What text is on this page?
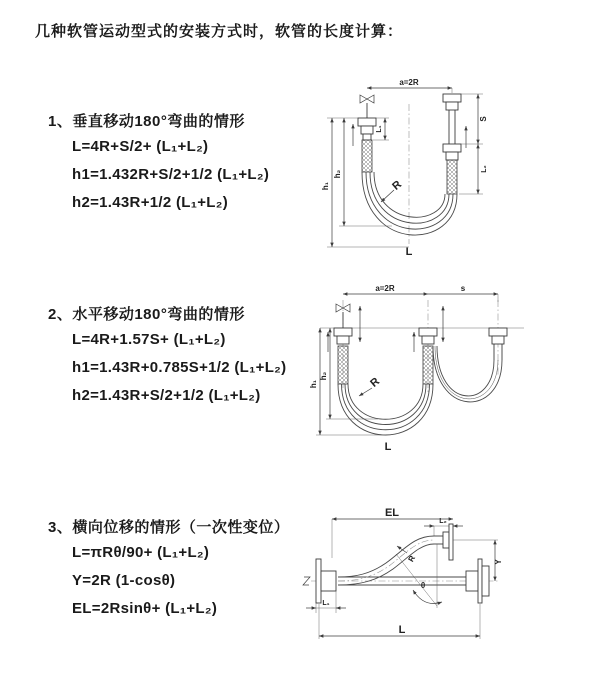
几种软管运动型式的安装方式时，软管的长度计算：
1、垂直移动180°弯曲的情形
L=4R+S/2+ (L₁+L₂)
h1=1.432R+S/2+1/2 (L₁+L₂)
h2=1.43R+1/2 (L₁+L₂)
2、水平移动180°弯曲的情形
L=4R+1.57S+ (L₁+L₂)
h1=1.43R+0.785S+1/2 (L₁+L₂)
h2=1.43R+S/2+1/2 (L₁+L₂)
3、横向位移的情形（一次性变位）
L=πRθ/90+ (L₁+L₂)
Y=2R (1-cosθ)
EL=2Rsinθ+ (L₁+L₂)
a=2R
L₁
R
L
h₁
h₂
S
L₂
a=2R	s
R
h₁
h₂
L
EL
L₂
Y
R
θ
L₁
L
